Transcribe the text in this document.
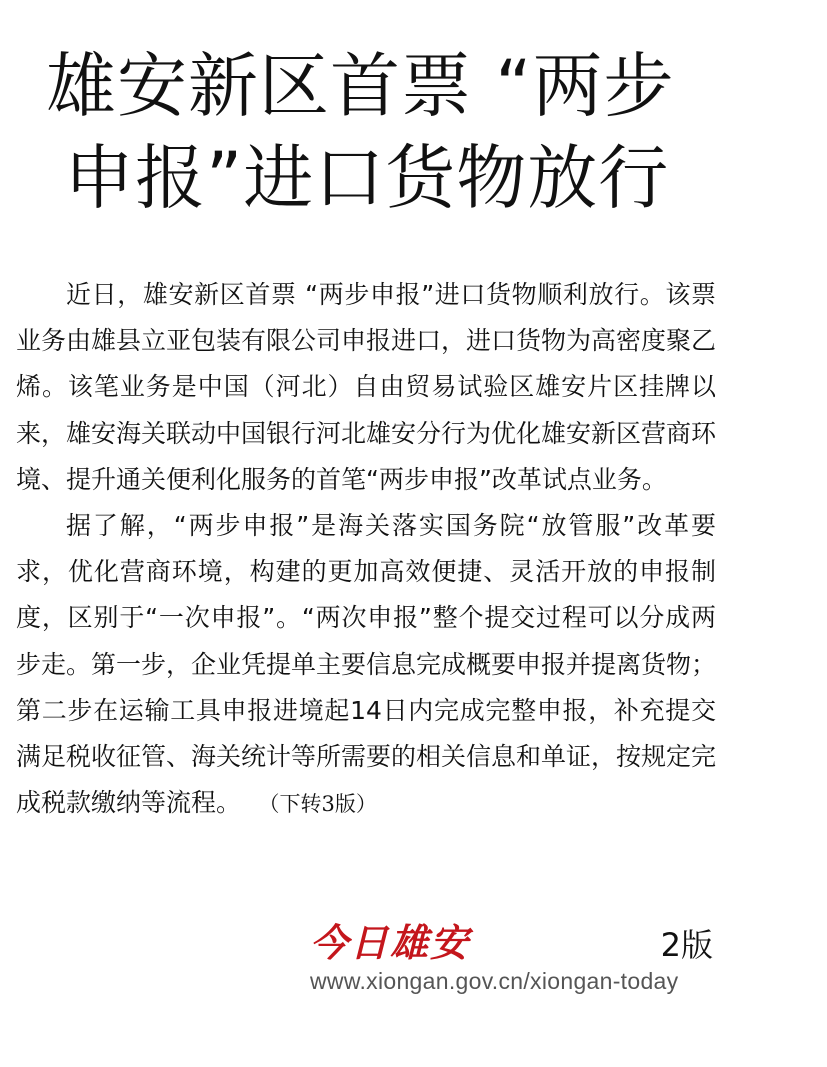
雄安新区首票 “两步
申报”进口货物放行

近日，雄安新区首票 “两步申报”进口货物顺利放行。该票业务由雄县立亚包装有限公司申报进口，进口货物为高密度聚乙烯。该笔业务是中国（河北）自由贸易试验区雄安片区挂牌以来，雄安海关联动中国银行河北雄安分行为优化雄安新区营商环境、提升通关便利化服务的首笔“两步申报”改革试点业务。

据了解，“两步申报”是海关落实国务院“放管服”改革要求，优化营商环境，构建的更加高效便捷、灵活开放的申报制度，区别于“一次申报”。“两次申报”整个提交过程可以分成两步走。第一步，企业凭提单主要信息完成概要申报并提离货物；第二步在运输工具申报进境起14日内完成完整申报，补充提交满足税收征管、海关统计等所需要的相关信息和单证，按规定完成税款缴纳等流程。 （下转3版）

今日雄安	2版
www.xiongan.gov.cn/xiongan-today
